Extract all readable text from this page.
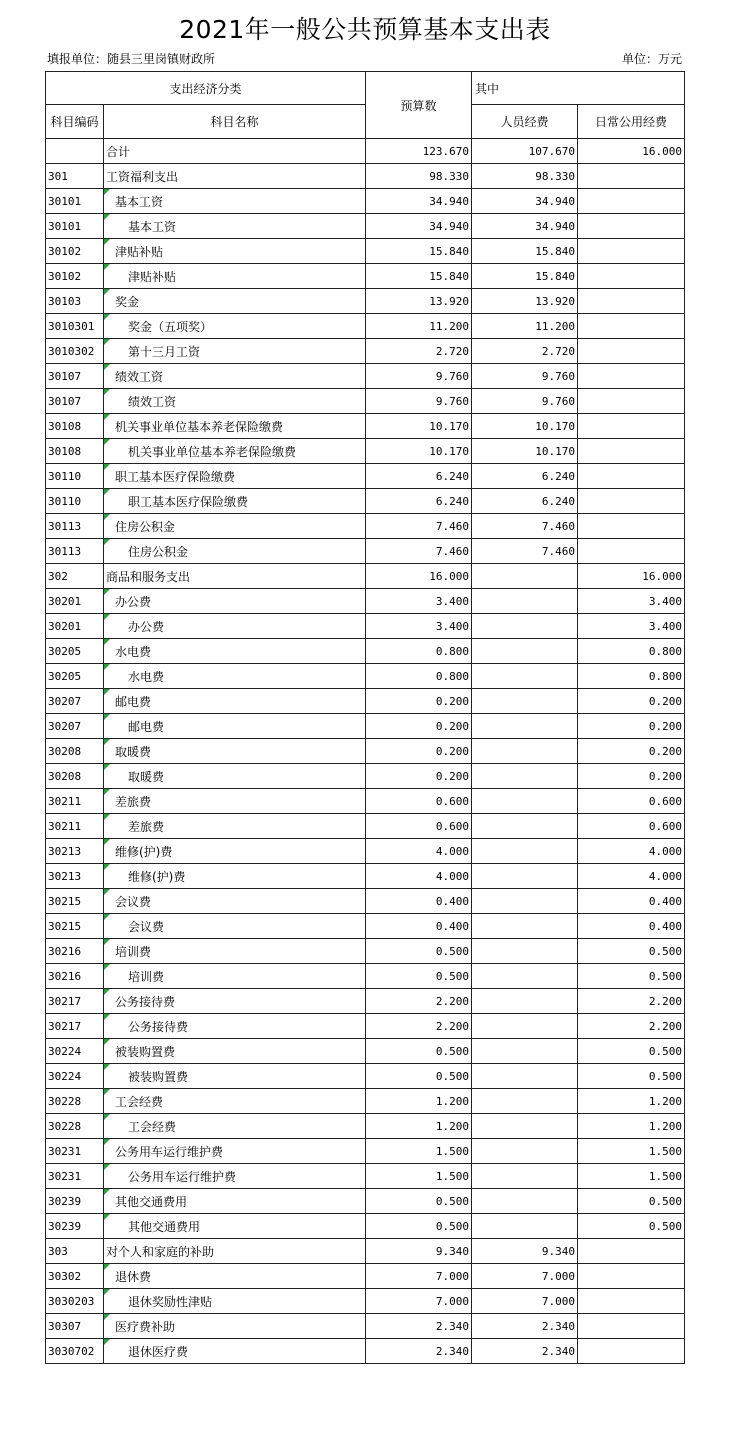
2021年一般公共预算基本支出表
填报单位：随县三里岗镇财政所	单位：万元
支出经济分类		预算数	其中	
科目编码	科目名称		人员经费	日常公用经费
	合计	123.670	107.670	16.000
301	工资福利支出	98.330	98.330	
30101	基本工资	34.940	34.940	
30101	基本工资	34.940	34.940	
30102	津贴补贴	15.840	15.840	
30102	津贴补贴	15.840	15.840	
30103	奖金	13.920	13.920	
3010301	奖金（五项奖）	11.200	11.200	
3010302	第十三月工资	2.720	2.720	
30107	绩效工资	9.760	9.760	
30107	绩效工资	9.760	9.760	
30108	机关事业单位基本养老保险缴费	10.170	10.170	
30108	机关事业单位基本养老保险缴费	10.170	10.170	
30110	职工基本医疗保险缴费	6.240	6.240	
30110	职工基本医疗保险缴费	6.240	6.240	
30113	住房公积金	7.460	7.460	
30113	住房公积金	7.460	7.460	
302	商品和服务支出	16.000		16.000
30201	办公费	3.400		3.400
30201	办公费	3.400		3.400
30205	水电费	0.800		0.800
30205	水电费	0.800		0.800
30207	邮电费	0.200		0.200
30207	邮电费	0.200		0.200
30208	取暖费	0.200		0.200
30208	取暖费	0.200		0.200
30211	差旅费	0.600		0.600
30211	差旅费	0.600		0.600
30213	维修(护)费	4.000		4.000
30213	维修(护)费	4.000		4.000
30215	会议费	0.400		0.400
30215	会议费	0.400		0.400
30216	培训费	0.500		0.500
30216	培训费	0.500		0.500
30217	公务接待费	2.200		2.200
30217	公务接待费	2.200		2.200
30224	被装购置费	0.500		0.500
30224	被装购置费	0.500		0.500
30228	工会经费	1.200		1.200
30228	工会经费	1.200		1.200
30231	公务用车运行维护费	1.500		1.500
30231	公务用车运行维护费	1.500		1.500
30239	其他交通费用	0.500		0.500
30239	其他交通费用	0.500		0.500
303	对个人和家庭的补助	9.340	9.340	
30302	退休费	7.000	7.000	
3030203	退休奖励性津贴	7.000	7.000	
30307	医疗费补助	2.340	2.340	
3030702	退休医疗费	2.340	2.340	
